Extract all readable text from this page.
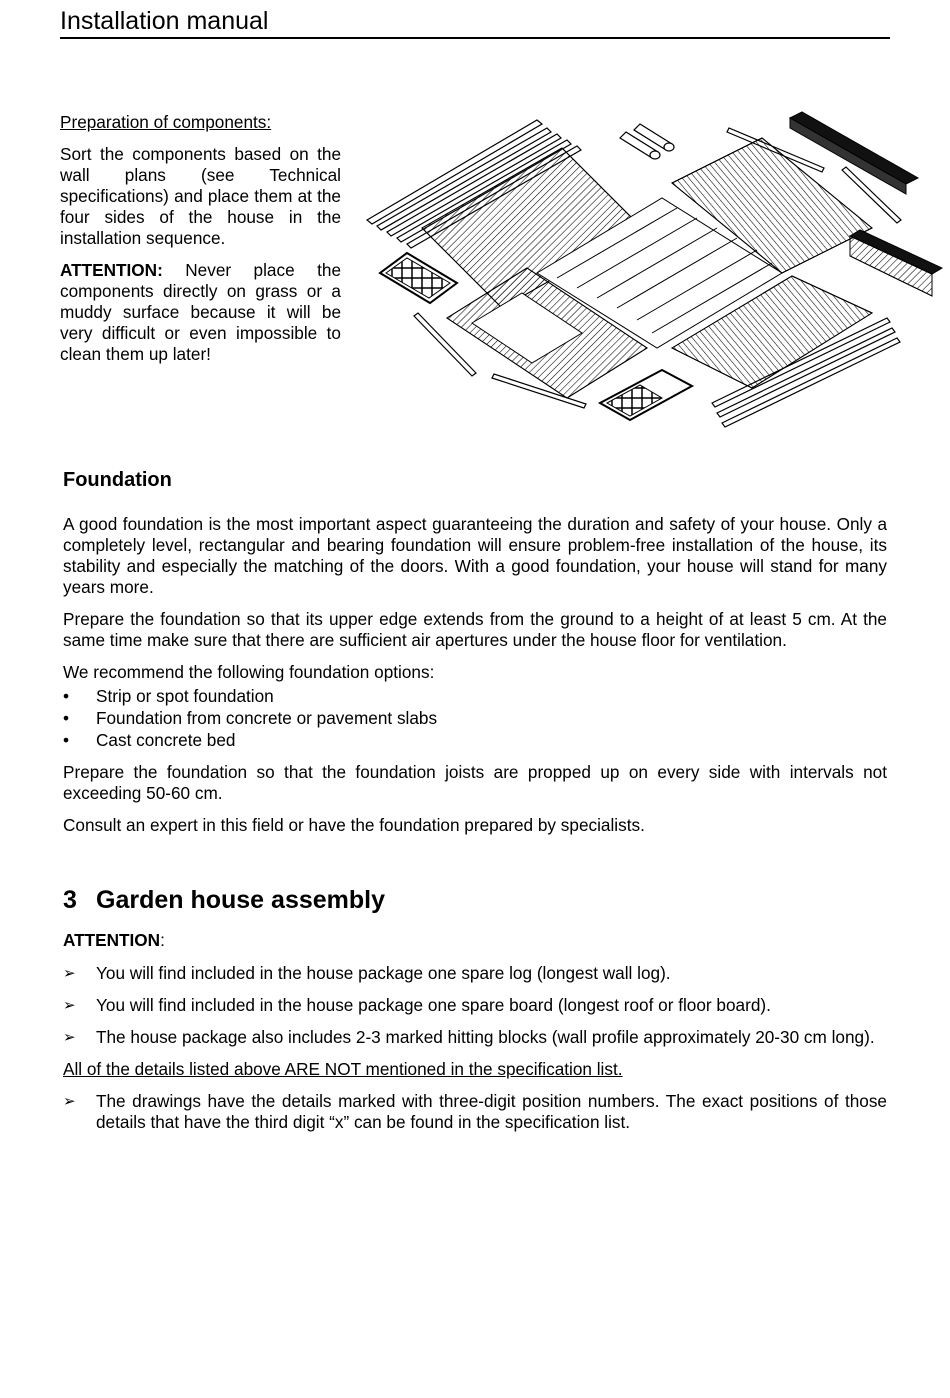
Installation manual
Preparation of components:

Sort the components based on the wall plans (see Technical specifications) and place them at the four sides of the house in the installation sequence.

ATTENTION: Never place the components directly on grass or a muddy surface because it will be very difficult or even impossible to clean them up later!

Foundation

A good foundation is the most important aspect guaranteeing the duration and safety of your house. Only a completely level, rectangular and bearing foundation will ensure problem-free installation of the house, its stability and especially the matching of the doors. With a good foundation, your house will stand for many years more.

Prepare the foundation so that its upper edge extends from the ground to a height of at least 5 cm. At the same time make sure that there are sufficient air apertures under the house floor for ventilation.

We recommend the following foundation options:

• Strip or spot foundation
• Foundation from concrete or pavement slabs
• Cast concrete bed

Prepare the foundation so that the foundation joists are propped up on every side with intervals not exceeding 50-60 cm.

Consult an expert in this field or have the foundation prepared by specialists.

3 Garden house assembly
ATTENTION:
➢ You will find included in the house package one spare log (longest wall log).
➢ You will find included in the house package one spare board (longest roof or floor board).
➢ The house package also includes 2-3 marked hitting blocks (wall profile approximately 20-30 cm long).
All of the details listed above ARE NOT mentioned in the specification list.
➢ The drawings have the details marked with three-digit position numbers. The exact positions of those details that have the third digit “x” can be found in the specification list.
